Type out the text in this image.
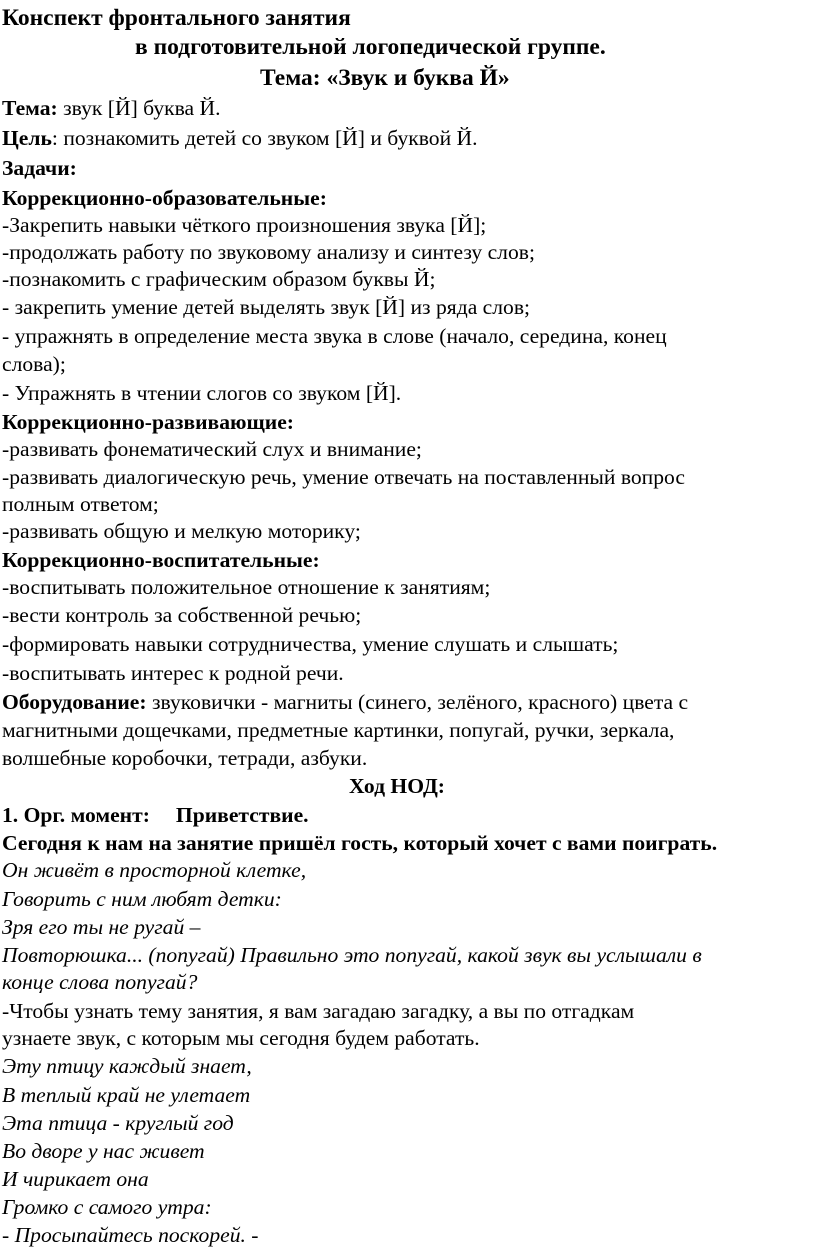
Конспект фронтального занятия
в подготовительной логопедической группе.
Тема: «Звук и буква Й»
Тема: звук [Й] буква Й.
Цель: познакомить детей со звуком [Й] и буквой Й.
Задачи:
Коррекционно-образовательные:
-Закрепить навыки чёткого произношения звука [Й];
-продолжать работу по звуковому анализу и синтезу слов;
-познакомить с графическим образом буквы Й;
- закрепить умение детей выделять звук [Й] из ряда слов;
- упражнять в определение места звука в слове (начало, середина, конец
слова);
- Упражнять в чтении слогов со звуком [Й].
Коррекционно-развивающие:
-развивать фонематический слух и внимание;
-развивать диалогическую речь, умение отвечать на поставленный вопрос
полным ответом;
-развивать общую и мелкую моторику;
Коррекционно-воспитательные:
-воспитывать положительное отношение к занятиям;
-вести контроль за собственной речью;
-формировать навыки сотрудничества, умение слушать и слышать;
-воспитывать интерес к родной речи.
Оборудование: звуковички - магниты (синего, зелёного, красного) цвета с
магнитными дощечками, предметные картинки, попугай, ручки, зеркала,
волшебные коробочки, тетради, азбуки.
Ход НОД:
1. Орг. момент: Приветствие.
Сегодня к нам на занятие пришёл гость, который хочет с вами поиграть.
Он живёт в просторной клетке,
Говорить с ним любят детки:
Зря его ты не ругай –
Повторюшка... (попугай) Правильно это попугай, какой звук вы услышали в
конце слова попугай?
-Чтобы узнать тему занятия, я вам загадаю загадку, а вы по отгадкам
узнаете звук, с которым мы сегодня будем работать.
Эту птицу каждый знает,
В теплый край не улетает
Эта птица - круглый год
Во дворе у нас живет
И чирикает она
Громко с самого утра:
- Просыпайтесь поскорей. -
